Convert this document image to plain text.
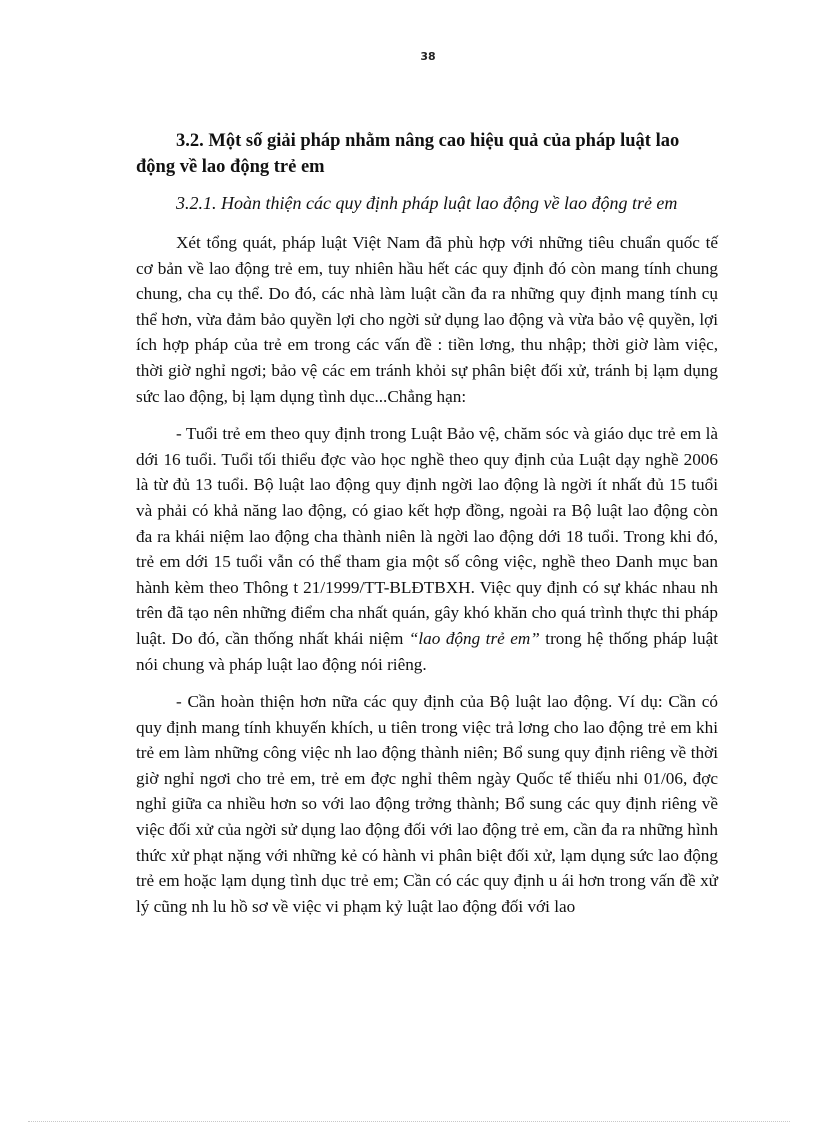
38
3.2. Một số giải pháp nhằm nâng cao hiệu quả của pháp luật lao động về lao động trẻ em

3.2.1. Hoàn thiện các quy định pháp luật lao động về lao động trẻ em

Xét tổng quát, pháp luật Việt Nam đã phù hợp với những tiêu chuẩn quốc tế cơ bản về lao động trẻ em, tuy nhiên hầu hết các quy định đó còn mang tính chung chung, cha cụ thể. Do đó, các nhà làm luật cần đa ra những quy định mang tính cụ thể hơn, vừa đảm bảo quyền lợi cho ngời sử dụng lao động và vừa bảo vệ quyền, lợi ích hợp pháp của trẻ em trong các vấn đề : tiền lơng, thu nhập; thời giờ làm việc, thời giờ nghỉ ngơi; bảo vệ các em tránh khỏi sự phân biệt đối xử, tránh bị lạm dụng sức lao động, bị lạm dụng tình dục...Chẳng hạn:

- Tuổi trẻ em theo quy định trong Luật Bảo vệ, chăm sóc và giáo dục trẻ em là dới 16 tuổi. Tuổi tối thiểu đợc vào học nghề theo quy định của Luật dạy nghề 2006 là từ đủ 13 tuổi. Bộ luật lao động quy định ngời lao động là ngời ít nhất đủ 15 tuổi và phải có khả năng lao động, có giao kết hợp đồng, ngoài ra Bộ luật lao động còn đa ra khái niệm lao động cha thành niên là ngời lao động dới 18 tuổi. Trong khi đó, trẻ em dới 15 tuổi vẫn có thể tham gia một số công việc, nghề theo Danh mục ban hành kèm theo Thông t 21/1999/TT-BLĐTBXH. Việc quy định có sự khác nhau nh trên đã tạo nên những điểm cha nhất quán, gây khó khăn cho quá trình thực thi pháp luật. Do đó, cần thống nhất khái niệm “lao động trẻ em” trong hệ thống pháp luật nói chung và pháp luật lao động nói riêng.

- Cần hoàn thiện hơn nữa các quy định của Bộ luật lao động. Ví dụ: Cần có quy định mang tính khuyến khích, u tiên trong việc trả lơng cho lao động trẻ em khi trẻ em làm những công việc nh lao động thành niên; Bổ sung quy định riêng về thời giờ nghỉ ngơi cho trẻ em, trẻ em đợc nghỉ thêm ngày Quốc tế thiếu nhi 01/06, đợc nghỉ giữa ca nhiều hơn so với lao động trởng thành; Bổ sung các quy định riêng về việc đối xử của ngời sử dụng lao động đối với lao động trẻ em, cần đa ra những hình thức xử phạt nặng với những kẻ có hành vi phân biệt đối xử, lạm dụng sức lao động trẻ em hoặc lạm dụng tình dục trẻ em; Cần có các quy định u ái hơn trong vấn đề xử lý cũng nh lu hồ sơ về việc vi phạm kỷ luật lao động đối với lao
